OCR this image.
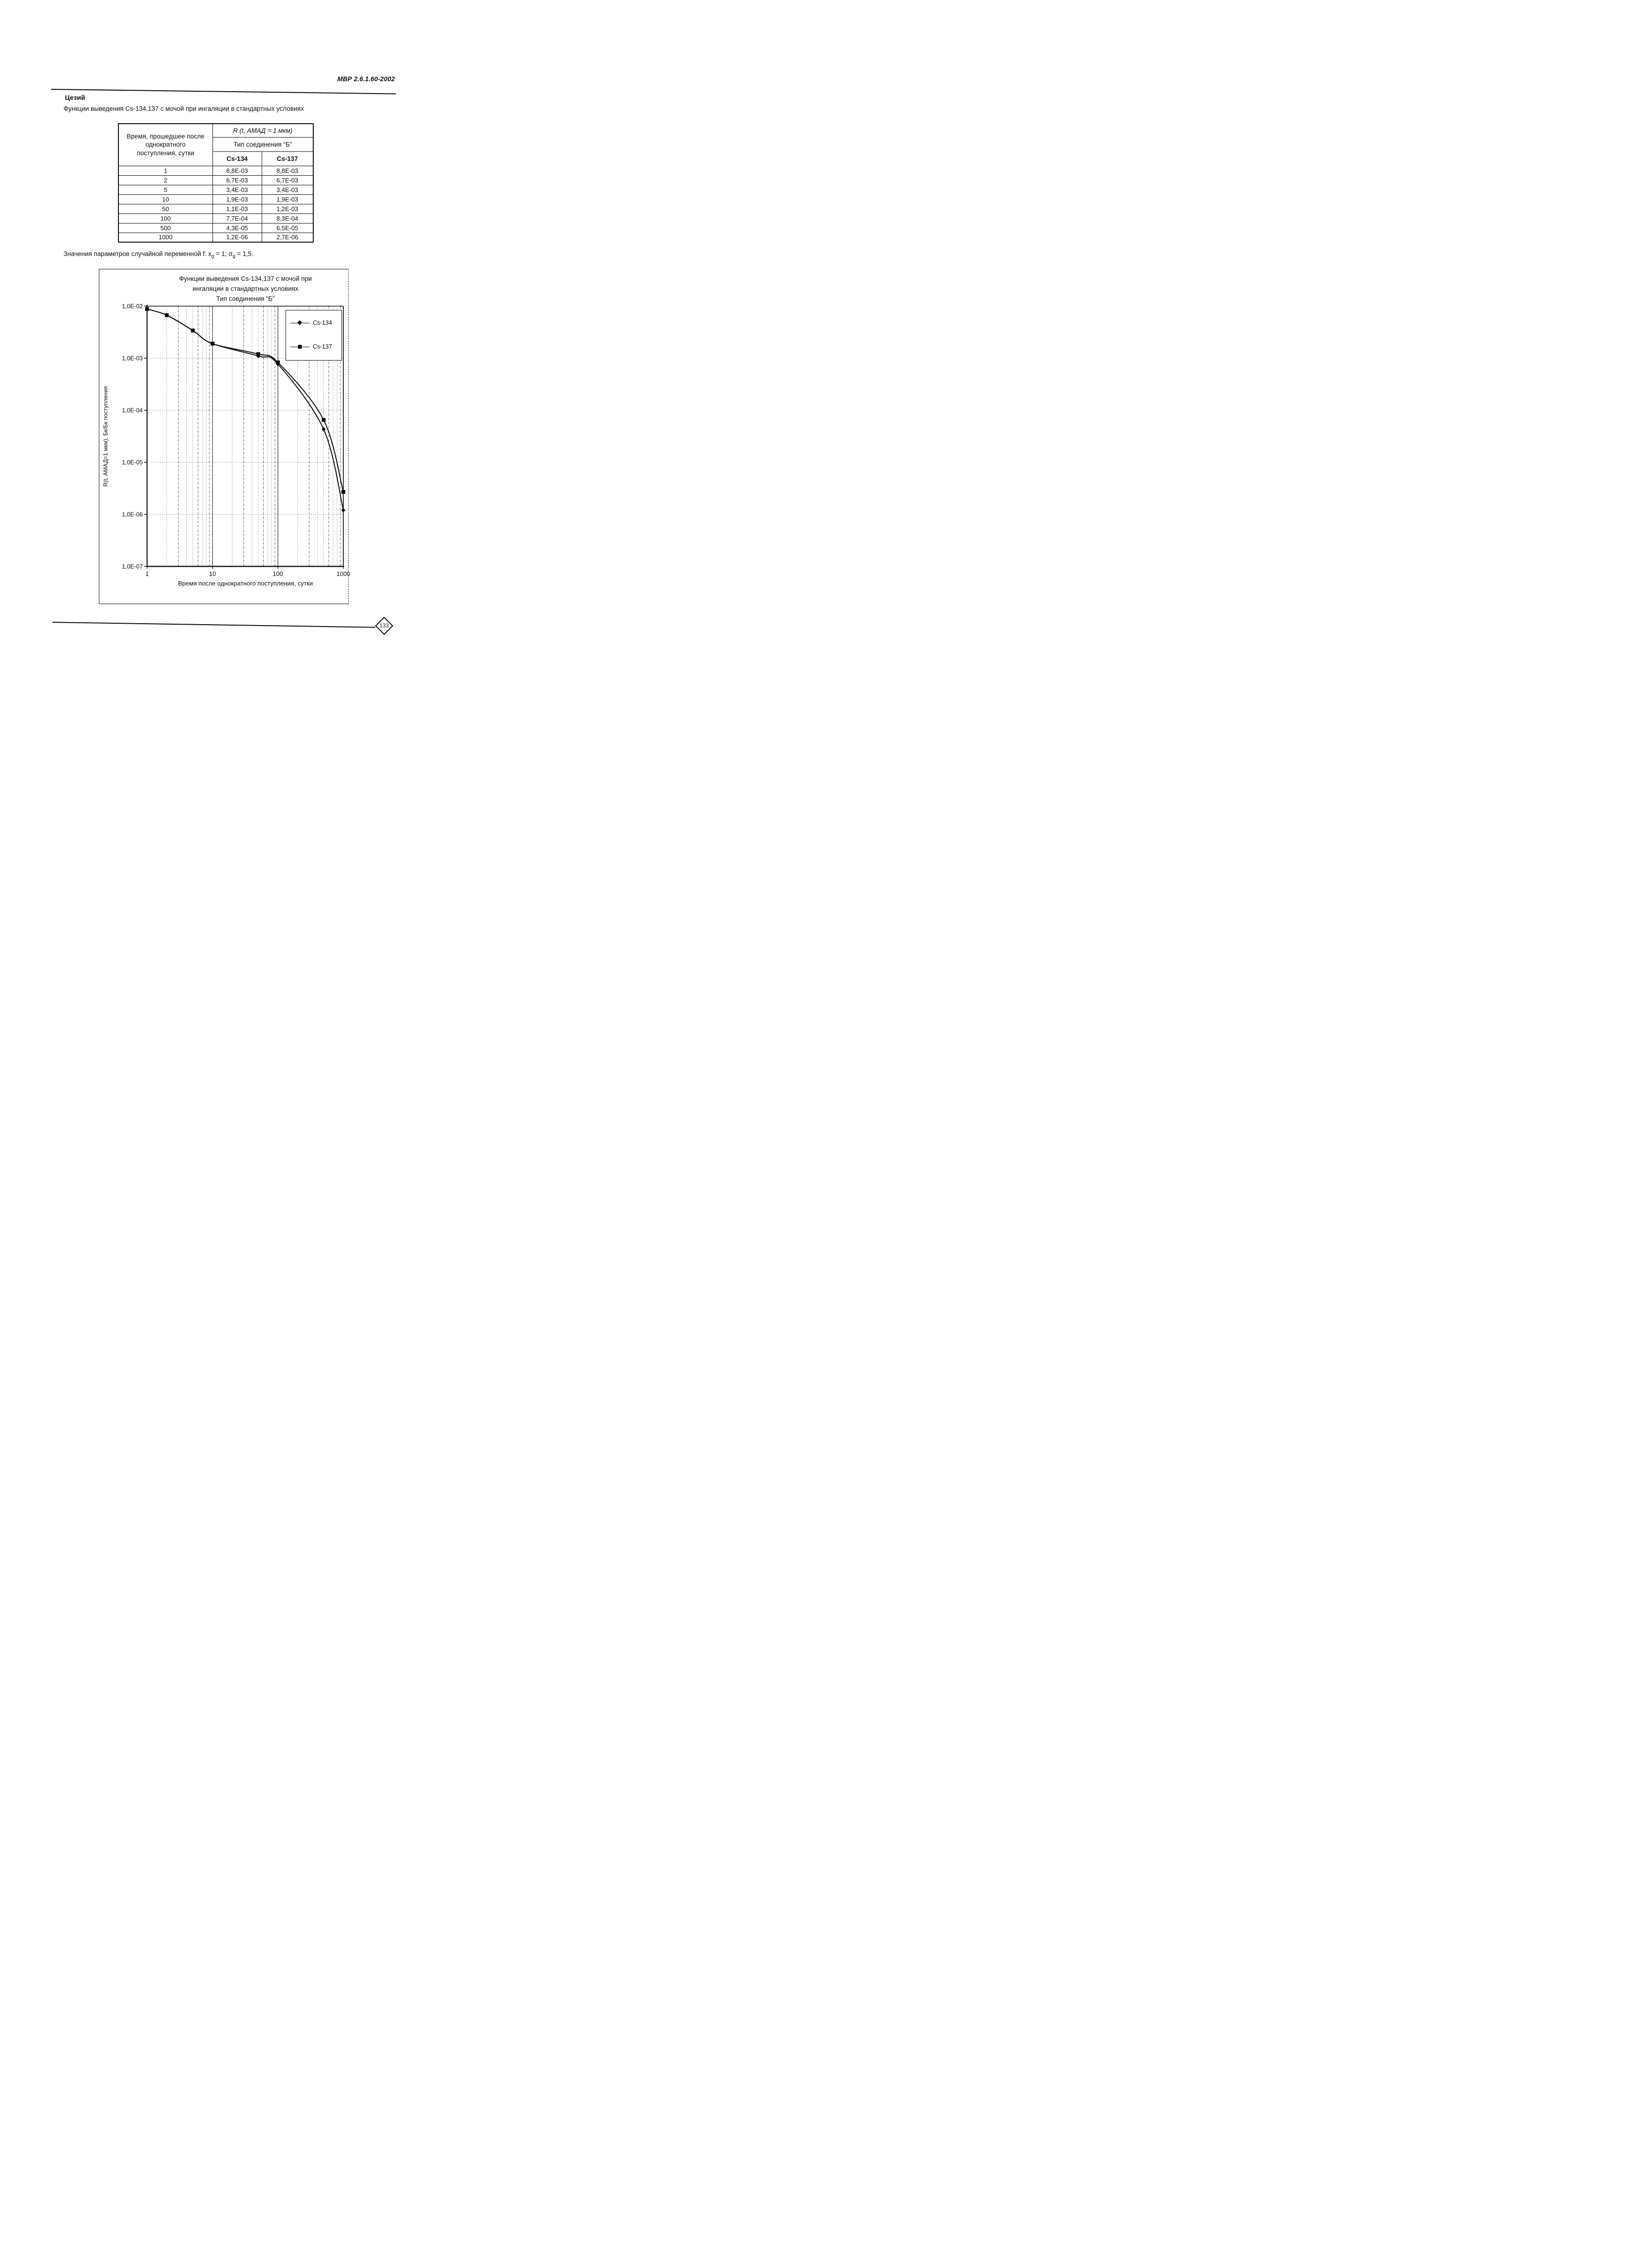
МВР 2.6.1.60-2002
Цезий
Функции выведения Cs-134,137 с мочой при ингаляции в стандартных условиях
Время, прошедшее после однократного поступления, сутки	R (t, АМАД = 1 мкм)	
	Тип соединения “Б”	
	Cs-134	Cs-137
1	8,8E-03	8,8E-03
2	6,7E-03	6,7E-03
5	3,4E-03	3,4E-03
10	1,9E-03	1,9E-03
50	1,1E-03	1,2E-03
100	7,7E-04	8,3E-04
500	4,3E-05	6,5E-05
1000	1,2E-06	2,7E-06
Значения параметров случайной переменной f: $x_g = 1$; $\sigma_g = 1,5$.
Функции выведения Cs-134,137 с мочой при
ингаляции в стандартных условиях
Тип соединения “Б”
1,0E-02
1,0E-03
1,0E-04
1,0E-05
1,0E-06
1,0E-07
1	10	100	1000
Cs-134
Cs-137
Время после однократного поступления, сутки
R(t, АМАД=1 мкм), Бк/Бк поступления
133
